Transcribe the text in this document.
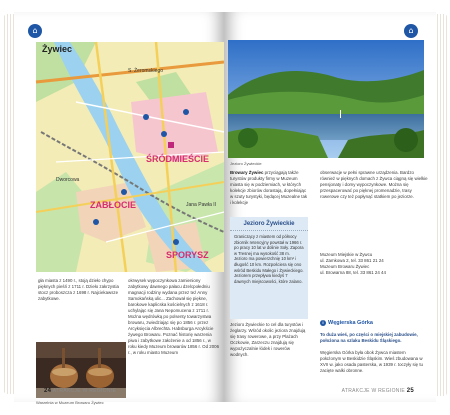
⌂
Żywiec
S. Żeromskiego
ŚRÓDMIEŚCIE
ZABŁOCIE
SPORYSZ
Dworcowa
Jana Pawła II
gła miasta z 1490 r., stoją dzieło chypo pięknych pieśń z 1711 r. Dzieło zakrzystia stocz proboszcza z 1698 r. Najciekawsze zabytkowe.
okrwysek wypoczynkowa zamieniony zabytkowy dawnego pałacu dzelcpołedniu magnacji rodziny wydana przez też Anny Samokańską ulic... Zachował się piękne, barokowe kaplicska kościelnych z 1618 r. uchylając się Jana Nepomucena z 1711 r. Można wędrówką po polsenty towarzystwa browaru, zwiedziając się po 1856 r. przez Arcyksięcia Albrechta. Habsburga Arcykście żywego Browaru. Poznać historię warzenia piwa i zabytkowe założenie a od 1856 r., w roku kiedy Muzeum browarów 1856 r. Od 2006 r., w roku miasto Muzeum
Warzelnia w Muzeum Browaru Żywiec
24 ATRAKCJE W REGIONIE
⌂
Jezioro Żywieckie
Browary Żywiec przyciągają także turystów produkty firmy w Muzeum miasta się w podziemiach, w których kolekcje zbiorów dorastają, dopełniając w szuty turystyki, będącej Muzealne tak i kolekcje
Jezioro Żywieckie

Graniczący z miastem od północy zbiornik retencyjny powstał w 1966 r. po pracy 10 lat w dolinie Soły. Zapora w Tresnej ma wysokość 38 m. Jezioro ma powierzchnię 10 km² i długość 10 km. Rozpościera się ono wśród Beskidu Małego i Żywieckiego. Jeziorem przepływa kiedyś 7 dawnych miejscowości, które zalano.

Jezioro Żywieckie to cel dla turystów i żeglarzy. Wśród okolic jeziora znajdują się trasy rowerowe, a przy Plażach Oczkowie, Zarzeczu znajdują się wypożyczalnie łódek i rowerów wodnych.
obserwacje w pełni sprawne urządzenia. Bardzo również w pięknych domach z Żywca ciągną się wielkie pensjonaty i domy wypoczynkowe. Można się przespacerować po pięknej promenadzie, trasy rowerowe czy też popłynąć statkiem po jeziorze.
Muzeum Miejskie w Żywcu
ul. Zamkowa 2, tel. 33 861 21 24
Muzeum Browaru Żywiec
ul. Browarna 88, tel. 33 861 24 44
i Węgierska Górka
To duża wieś, po części o miejskiej zabudowie, położona na szlaku Beskidu Śląskiego.
Węgierska Górka była obok Żywca miastem położonym w Beskidzie Śląskim. Wieś zbudowana w XVII w. jako osada pasterska, w 1939 r. toczyły się tu zacięte walki obronne.
ATRAKCJE W REGIONIE 25
